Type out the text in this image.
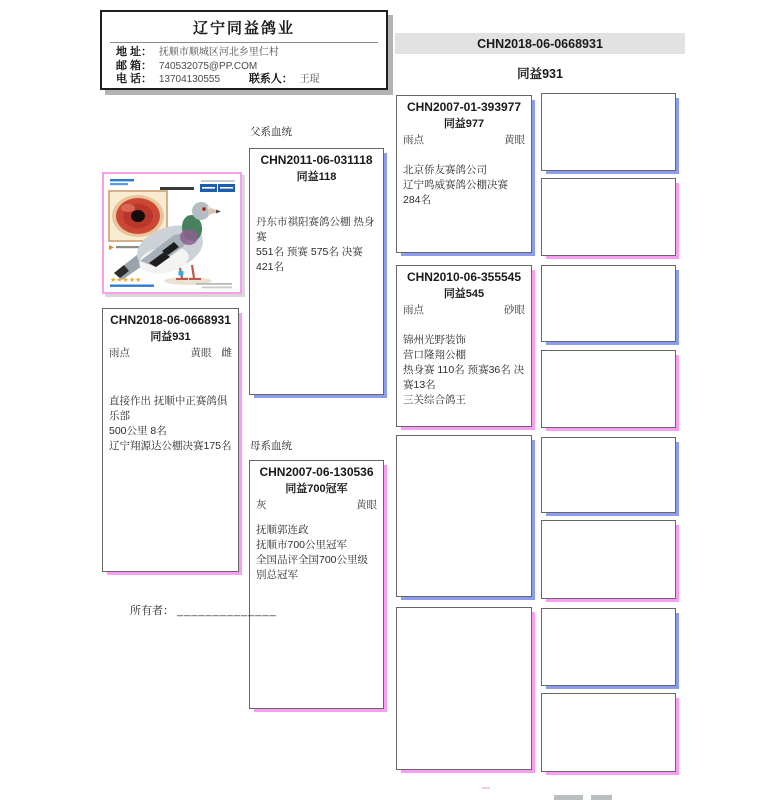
辽宁同益鸽业
地 址： 抚顺市顺城区河北乡里仁村
邮 箱： 740532075@PP.COM
电 话： 13704130555	联系人： 王琨
CHN2018-06-0668931
同益931
★★★★★
CHN2018-06-0668931
同益931
雨点	黄眼 雌
直接作出 抚顺中正赛鸽俱乐部
500公里 8名
辽宁翔源达公棚决赛175名
父系血统
母系血统
CHN2011-06-031118
同益118
丹东市祺阳赛鸽公棚 热身赛
551名 预赛 575名 决赛 421名
CHN2007-06-130536
同益700冠军
灰	黄眼
抚顺郭连政
抚顺市700公里冠军
全国品评全国700公里级别总冠军
所有者： ______________
CHN2007-01-393977
同益977
雨点	黄眼
北京侨友赛鸽公司
辽宁鸣威赛鸽公棚决赛284名
CHN2010-06-355545
同益545
雨点	砂眼
锦州光野装饰
营口隆翔公棚
热身赛 110名 预赛36名 决赛13名
三关综合鸽王
